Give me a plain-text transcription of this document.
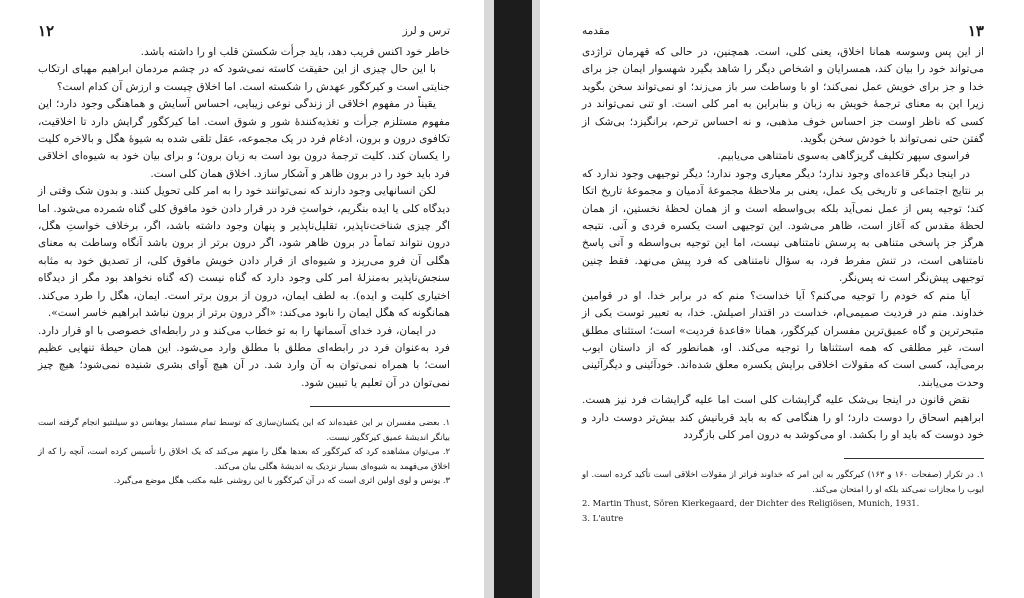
۱۲	ترس و لرز

خاطر خود اکنس فریب دهد، باید جرأت شکستن قلب او را داشته باشد.

با این حال چیزی از این حقیقت کاسته نمی‌شود که در چشم مردمان ابراهیم مهیای ارتکاب جنایتی است و کیرکگور عهدش را شکسته است. اما اخلاق چیست و ارزش آن کدام است؟

یقیناً در مفهوم اخلاقی از زندگی نوعی زیبایی، احساس آسایش و هماهنگی وجود دارد؛ این مفهوم مستلزم جرأت و تغذیه‌کنندهٔ شور و شوق است. اما کیرکگور گرایش دارد تا اخلاقیت، تکافوی درون و برون، ادغام فرد در یک مجموعه، عقل تلقی شده به شیوهٔ هگل و بالاخره کلیت را یکسان کند. کلیت ترجمهٔ درون بود است به زبان برون؛ و برای بیان خود به شیوه‌ای اخلاقی فرد باید خود را در برون ظاهر و آشکار سازد. اخلاق همان کلی است.

لکن انسانهایی وجود دارند که نمی‌توانند خود را به امر کلی تحویل کنند. و بدون شک وقتی از دیدگاه کلی یا ایده بنگریم، خواستِ فرد در قرار دادن خود مافوق کلی گناه شمرده می‌شود. اما اگر چیزی شناخت‌ناپذیر، تقلیل‌ناپذیر و پنهان وجود داشته باشد، اگر، برخلاف خواستِ هگل، درون نتواند تماماً در برون ظاهر شود، اگر درون برتر از برون باشد آنگاه وساطت به معنای هگلی آن فرو می‌ریزد و شیوه‌ای از قرار دادن خویش مافوق کلی، از تصدیق خود به مثابه سنجش‌ناپذیر به‌منزلهٔ امر کلی وجود دارد که گناه نیست (که گناه نخواهد بود مگر از دیدگاه اختیاری کلیت و ایده). به لطف ایمان، درون از برون برتر است. ایمان، هگل را طرد می‌کند. همانگونه که هگل ایمان را نابود می‌کند: «اگر درون برتر از برون نباشد ابراهیم خاسر است».

در ایمان، فرد خدای آسمانها را به تو خطاب می‌کند و در رابطه‌ای خصوصی با او قرار دارد. فرد به‌عنوان فرد در رابطه‌ای مطلق با مطلق وارد می‌شود. این همان حیطهٔ تنهایی عظیم است؛ با همراه نمی‌توان به آن وارد شد. در آن هیچ آوای بشری شنیده نمی‌شود؛ هیچ چیز نمی‌توان در آن تعلیم یا تبیین شود.

۱. بعضی مفسران بر این عقیده‌اند که این یکسان‌سازی که توسط تمام مستمار یوهانس دو سیلنتیو انجام گرفته است بیانگر اندیشهٔ عمیق کیرکگور نیست.

۲. می‌توان مشاهده کرد که کیرکگور که بعدها هگل را متهم می‌کند که یک اخلاق را تأسیس کرده است، آنچه را که از اخلاق می‌فهمد به شیوه‌ای بسیار نزدیک به اندیشهٔ هگلی بیان می‌کند.

۳. یونس و لوی اولین اثری است که در آن کیرکگور با این روشنی علیه مکتب هگل موضع می‌گیرد.

مقدمه	۱۳

از این پس وسوسه همانا اخلاق، یعنی کلی، است. همچنین، در حالی که قهرمان تراژدی می‌تواند خود را بیان کند، همسرایان و اشخاص دیگر را شاهد بگیرد شهسوار ایمان جز برای خدا و جز برای خویش عمل نمی‌کند؛ او با وساطت سر باز می‌زند؛ او نمی‌تواند سخن بگوید زیرا این به معنای ترجمهٔ خویش به زبان و بنابراین به امر کلی است. او تنی نمی‌تواند در کسی که ناظر اوست جز احساس خوف مذهبی، و نه احساس ترحم، برانگیزد؛ بی‌شک از گفتن حتی نمی‌تواند با خودش سخن بگوید.

فراسوی سپهر تکلیف گریزگاهی به‌سوی نامتناهی می‌یابیم.

در اینجا دیگر قاعده‌ای وجود ندارد؛ دیگر معیاری وجود ندارد؛ دیگر توجیهی وجود ندارد که بر نتایج اجتماعی و تاریخی یک عمل، یعنی بر ملاحظهٔ مجموعهٔ آدمیان و مجموعهٔ تاریخ اتکا کند؛ توجیه پس از عمل نمی‌آید بلکه بی‌واسطه است و از همان لحظهٔ نخستین، از همان لحظهٔ مقدس که آغاز است، ظاهر می‌شود. این توجیهی است یکسره فردی و آنی. نتیجه هرگز جز پاسخی متناهی به پرسش نامتناهی نیست، اما این توجیه بی‌واسطه و آنی پاسخ نامتناهی است، در تنش مفرط فرد، به سؤال نامتناهی که فرد پیش می‌نهد. فقط چنین توجیهی پیش‌نگر است نه پس‌نگر.

آیا منم که خودم را توجیه می‌کنم؟ آیا خداست؟ منم که در برابر خدا. او در قوامین خداوند. منم در فردیت صمیمی‌ام، خداست در اقتدار اصیلش. خدا، به تعبیر توست یکی از متبحرترین و گاه عمیق‌ترین مفسران کیرکگور، همانا «قاعدهٔ فردیت» است؛ استثنای مطلق است، غیر مطلقی که همه استثناها را توجیه می‌کند. او، همانطور که از داستان ایوب برمی‌آید، کسی است که مقولات اخلاقی برایش یکسره معلق شده‌اند. خودآئینی و دیگرآئینی وحدت می‌یابند.

نقض قانون در اینجا بی‌شک علیه گرایشات کلی است اما علیه گرایشات فرد نیز هست. ابراهیم اسحاق را دوست دارد؛ او را هنگامی که به باید قربانیش کند بیش‌تر دوست دارد و خود دوست که باید او را بکشد. او می‌کوشد به درون امر کلی بازگردد

۱. در تکرار (صفحات ۱۶۰ و ۱۶۳) کیرکگور به این امر که خداوند فراتر از مقولات اخلاقی است تأکید کرده است. او ایوب را مجازات نمی‌کند بلکه او را امتحان می‌کند.

2. Martin Thust, Sören Kierkegaard, der Dichter des Religiösen, Munich, 1931.

3. L'autre
